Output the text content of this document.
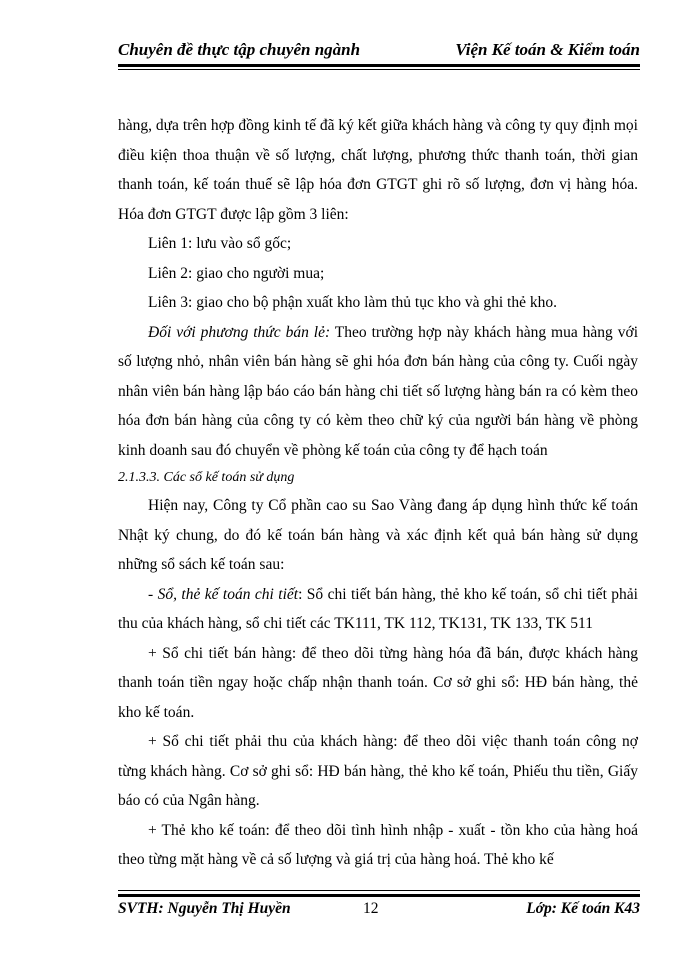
Chuyên đề thực tập chuyên ngành	Viện Kế toán & Kiểm toán

hàng, dựa trên hợp đồng kinh tế đã ký kết giữa khách hàng và công ty quy định mọi điều kiện thoa thuận về số lượng, chất lượng, phương thức thanh toán, thời gian thanh toán, kế toán thuế sẽ lập hóa đơn GTGT ghi rõ số lượng, đơn vị hàng hóa. Hóa đơn GTGT được lập gồm 3 liên:

Liên 1: lưu vào sổ gốc;

Liên 2: giao cho người mua;

Liên 3: giao cho bộ phận xuất kho làm thủ tục kho và ghi thẻ kho.

Đối với phương thức bán lẻ: Theo trường hợp này khách hàng mua hàng với số lượng nhỏ, nhân viên bán hàng sẽ ghi hóa đơn bán hàng của công ty. Cuối ngày nhân viên bán hàng lập báo cáo bán hàng chi tiết số lượng hàng bán ra có kèm theo hóa đơn bán hàng của công ty có kèm theo chữ ký của người bán hàng về phòng kinh doanh sau đó chuyển về phòng kế toán của công ty để hạch toán

2.1.3.3. Các sổ kế toán sử dụng

Hiện nay, Công ty Cổ phần cao su Sao Vàng đang áp dụng hình thức kế toán Nhật ký chung, do đó kế toán bán hàng và xác định kết quả bán hàng sử dụng những sổ sách kế toán sau:

- Sổ, thẻ kế toán chi tiết: Sổ chi tiết bán hàng, thẻ kho kế toán, sổ chi tiết phải thu của khách hàng, sổ chi tiết các TK111, TK 112, TK131, TK 133, TK 511

+ Sổ chi tiết bán hàng: để theo dõi từng hàng hóa đã bán, được khách hàng thanh toán tiền ngay hoặc chấp nhận thanh toán. Cơ sở ghi sổ: HĐ bán hàng, thẻ kho kế toán.

+ Sổ chi tiết phải thu của khách hàng: để theo dõi việc thanh toán công nợ từng khách hàng. Cơ sở ghi sổ: HĐ bán hàng, thẻ kho kế toán, Phiếu thu tiền, Giấy báo có của Ngân hàng.

+ Thẻ kho kế toán: để theo dõi tình hình nhập - xuất - tồn kho của hàng hoá theo từng mặt hàng về cả số lượng và giá trị của hàng hoá. Thẻ kho kế

SVTH: Nguyễn Thị Huyền	12	Lớp: Kế toán K43
